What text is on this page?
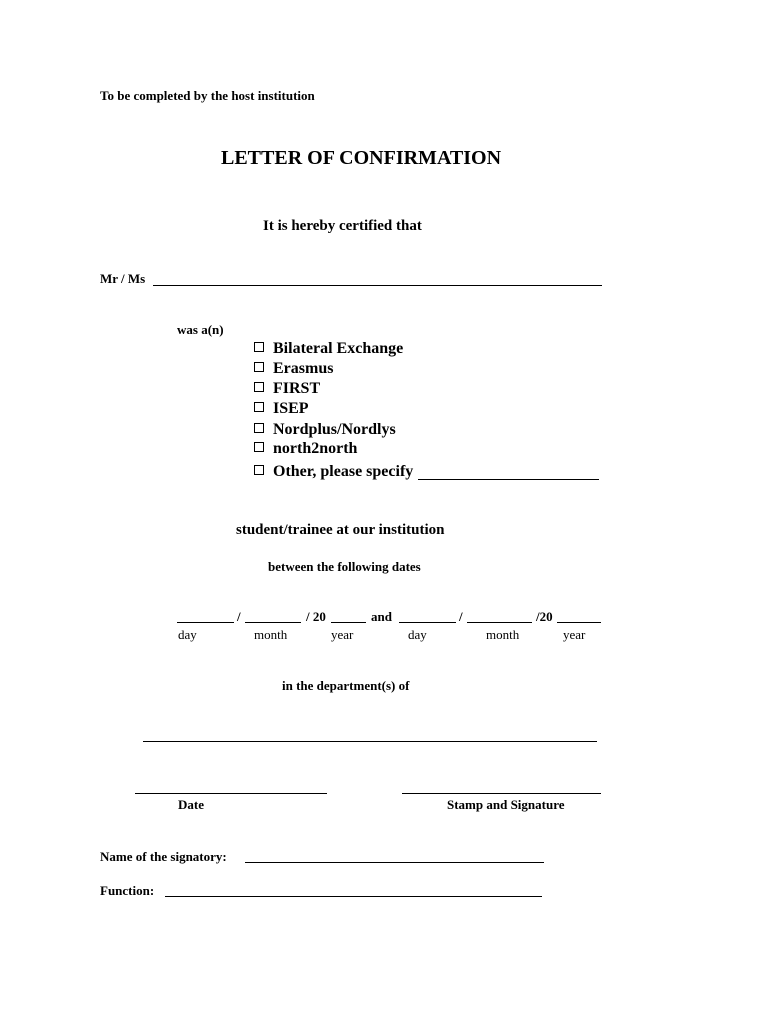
To be completed by the host institution
LETTER OF CONFIRMATION
It is hereby certified that
Mr / Ms
was a(n)
Bilateral Exchange
Erasmus
FIRST
ISEP
Nordplus/Nordlys
north2north
Other, please specify
student/trainee at our institution
between the following dates
/	/ 20	and	/	/20
day	month	year	day	month	year
in the department(s) of
Date	Stamp and Signature
Name of the signatory:
Function:
